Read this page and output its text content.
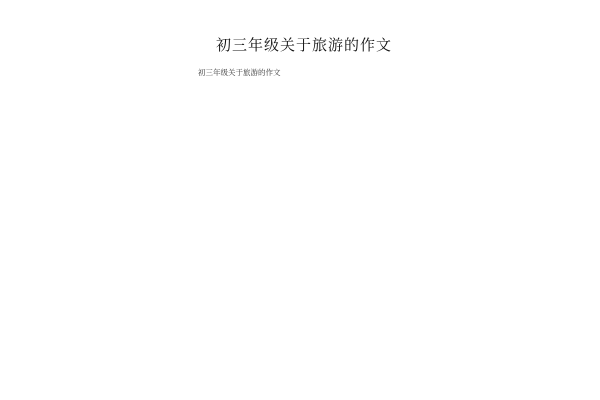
初三年级关于旅游的作文
初三年级关于旅游的作文
